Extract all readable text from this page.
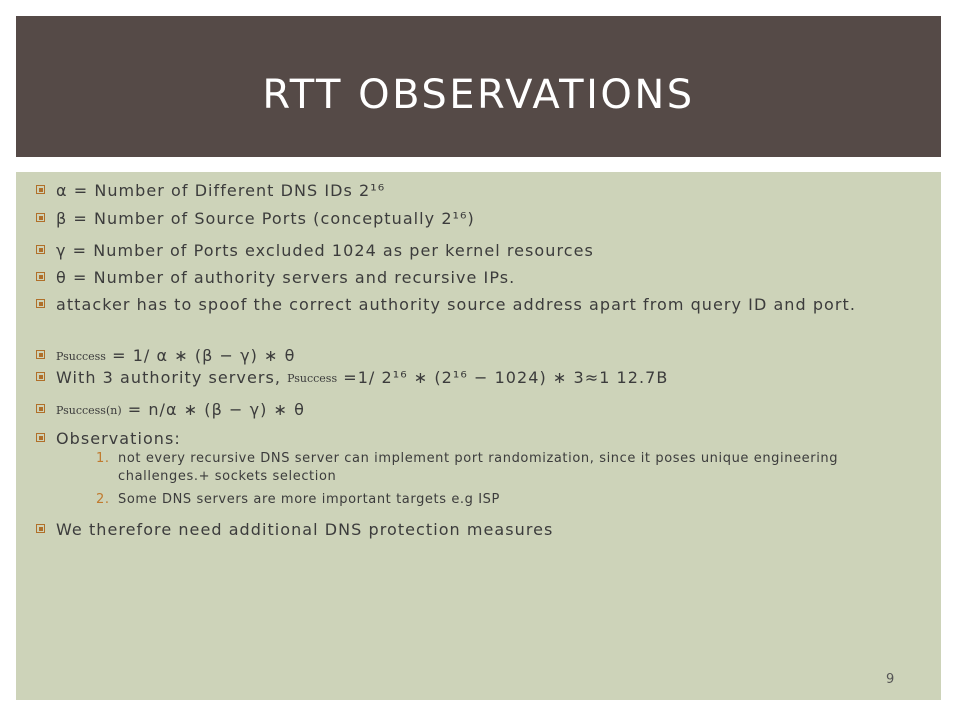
RTT OBSERVATIONS
α = Number of Different DNS IDs 2¹⁶
β = Number of Source Ports (conceptually 2¹⁶)
γ = Number of Ports excluded 1024 as per kernel resources
θ = Number of authority servers and recursive IPs.
attacker has to spoof the correct authority source address apart from query ID and port.
Psuccess = 1/ α ∗ (β − γ) ∗ θ
With 3 authority servers, Psuccess =1/ 2¹⁶ ∗ (2¹⁶ − 1024) ∗ 3≈1 12.7B
Psuccess(n) = n/α ∗ (β − γ) ∗ θ
Observations:
We therefore need additional DNS protection measures
1. not every recursive DNS server can implement port randomization, since it poses unique engineering challenges.+ sockets selection
2. Some DNS servers are more important targets e.g ISP
9
